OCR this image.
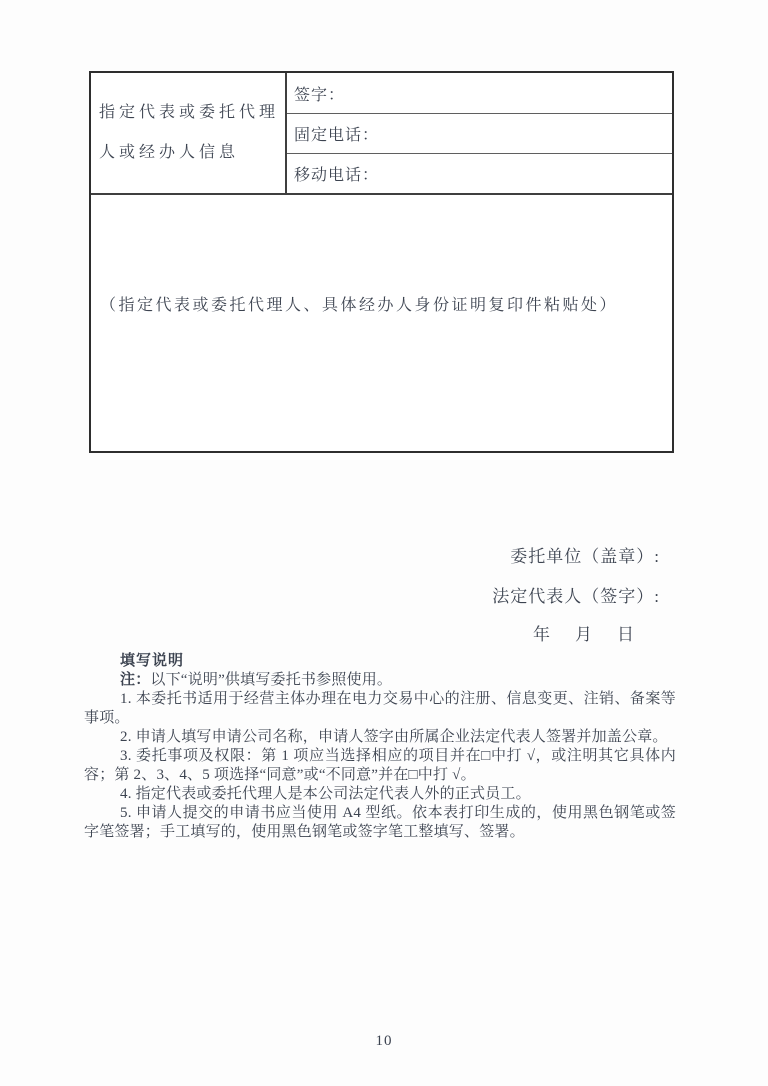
指定代表或委托代理
人或经办人信息
签字：
固定电话：
移动电话：
（指定代表或委托代理人、具体经办人身份证明复印件粘贴处）
委托单位（盖章）:
法定代表人（签字）:
年　月　日

填写说明

注：以下“说明”供填写委托书参照使用。

1. 本委托书适用于经营主体办理在电力交易中心的注册、信息变更、注销、备案等事项。

2. 申请人填写申请公司名称，申请人签字由所属企业法定代表人签署并加盖公章。

3. 委托事项及权限：第 1 项应当选择相应的项目并在□中打 √，或注明其它具体内容；第 2、3、4、5 项选择“同意”或“不同意”并在□中打 √。

4. 指定代表或委托代理人是本公司法定代表人外的正式员工。

5. 申请人提交的申请书应当使用 A4 型纸。依本表打印生成的，使用黑色钢笔或签字笔签署；手工填写的，使用黑色钢笔或签字笔工整填写、签署。

10
